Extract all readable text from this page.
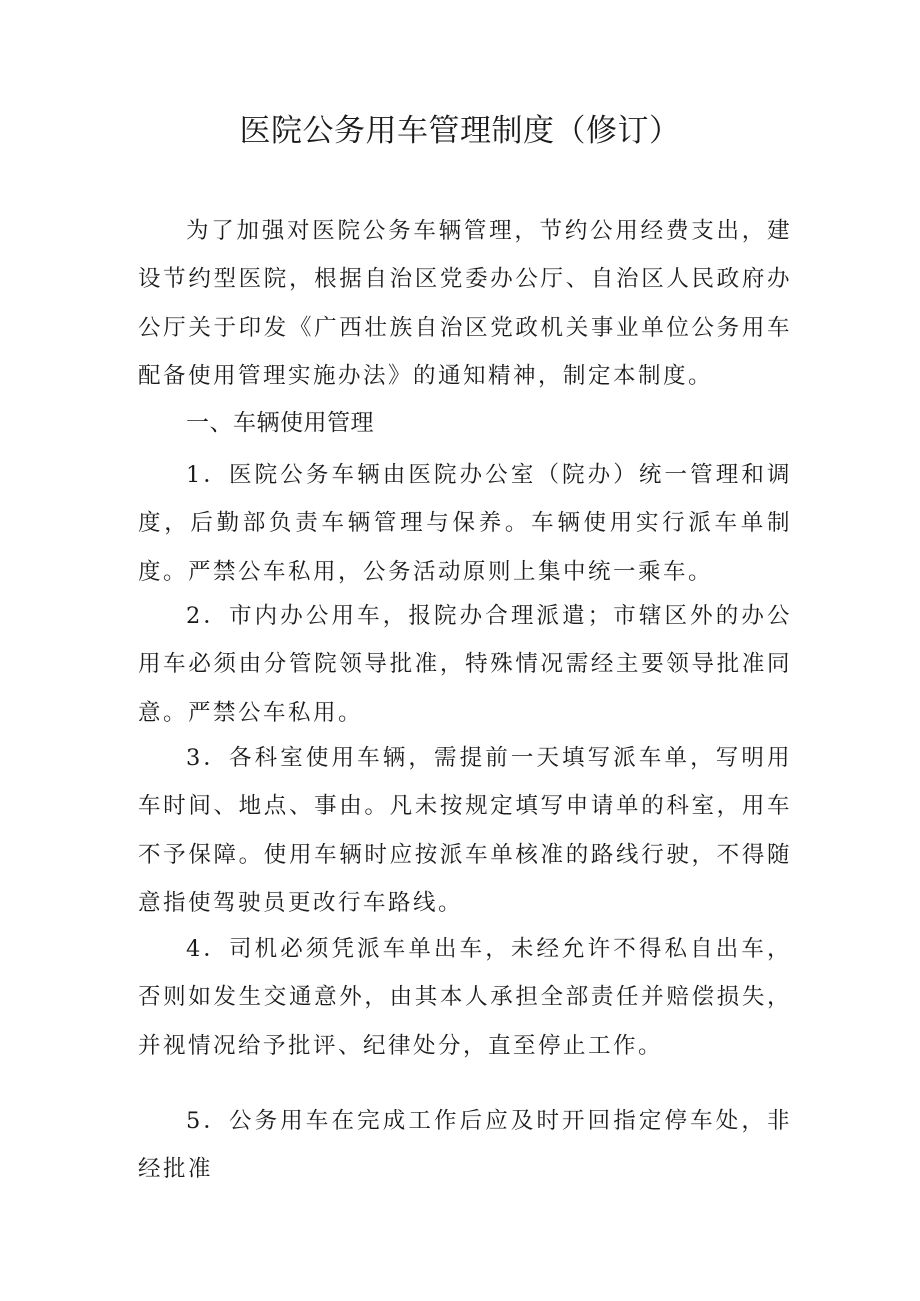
医院公务用车管理制度（修订）
为了加强对医院公务车辆管理，节约公用经费支出，建设节约型医院，根据自治区党委办公厅、自治区人民政府办公厅关于印发《广西壮族自治区党政机关事业单位公务用车配备使用管理实施办法》的通知精神，制定本制度。
一、车辆使用管理
1．医院公务车辆由医院办公室（院办）统一管理和调度，后勤部负责车辆管理与保养。车辆使用实行派车单制度。严禁公车私用，公务活动原则上集中统一乘车。
2．市内办公用车，报院办合理派遣；市辖区外的办公用车必须由分管院领导批准，特殊情况需经主要领导批准同意。严禁公车私用。
3．各科室使用车辆，需提前一天填写派车单，写明用车时间、地点、事由。凡未按规定填写申请单的科室，用车不予保障。使用车辆时应按派车单核准的路线行驶，不得随意指使驾驶员更改行车路线。
4．司机必须凭派车单出车，未经允许不得私自出车，否则如发生交通意外，由其本人承担全部责任并赔偿损失，并视情况给予批评、纪律处分，直至停止工作。
5．公务用车在完成工作后应及时开回指定停车处，非经批准
